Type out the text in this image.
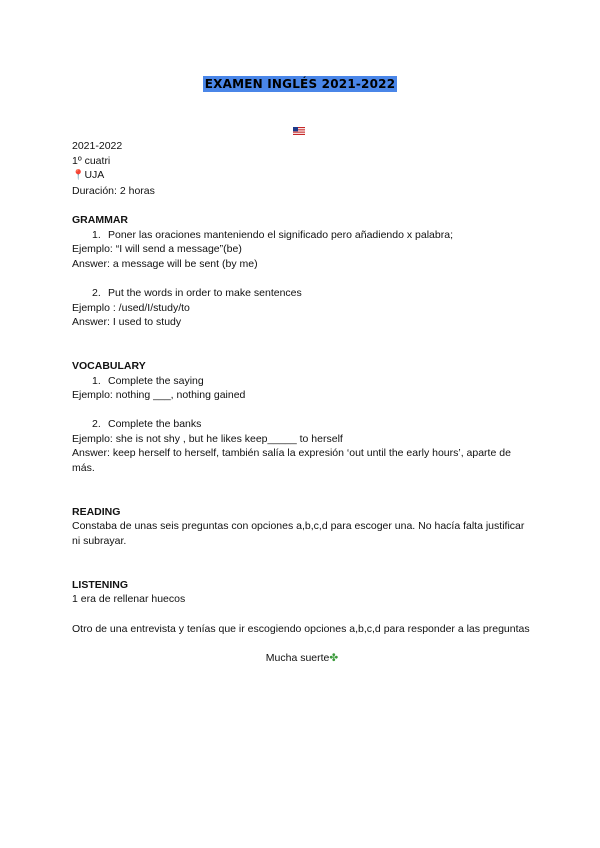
EXAMEN INGLÉS 2021-2022
2021-2022
1º cuatri
📍UJA
Duración: 2 horas
GRAMMAR
1. Poner las oraciones manteniendo el significado pero añadiendo x palabra;
Ejemplo: “I will send a message”(be)
Answer: a message will be sent (by me)
2. Put the words in order to make sentences
Ejemplo : /used/I/study/to
Answer: I used to study
VOCABULARY
1. Complete the saying
Ejemplo: nothing ___, nothing gained
2. Complete the banks
Ejemplo: she is not shy , but he likes keep_____ to herself
Answer: keep herself to herself, también salía la expresión ‘out until the early hours’, aparte de más.
READING
Constaba de unas seis preguntas con opciones a,b,c,d para escoger una. No hacía falta justificar ni subrayar.
LISTENING
1 era de rellenar huecos
Otro de una entrevista y tenías que ir escogiendo opciones a,b,c,d para responder a las preguntas
Mucha suerte✤
